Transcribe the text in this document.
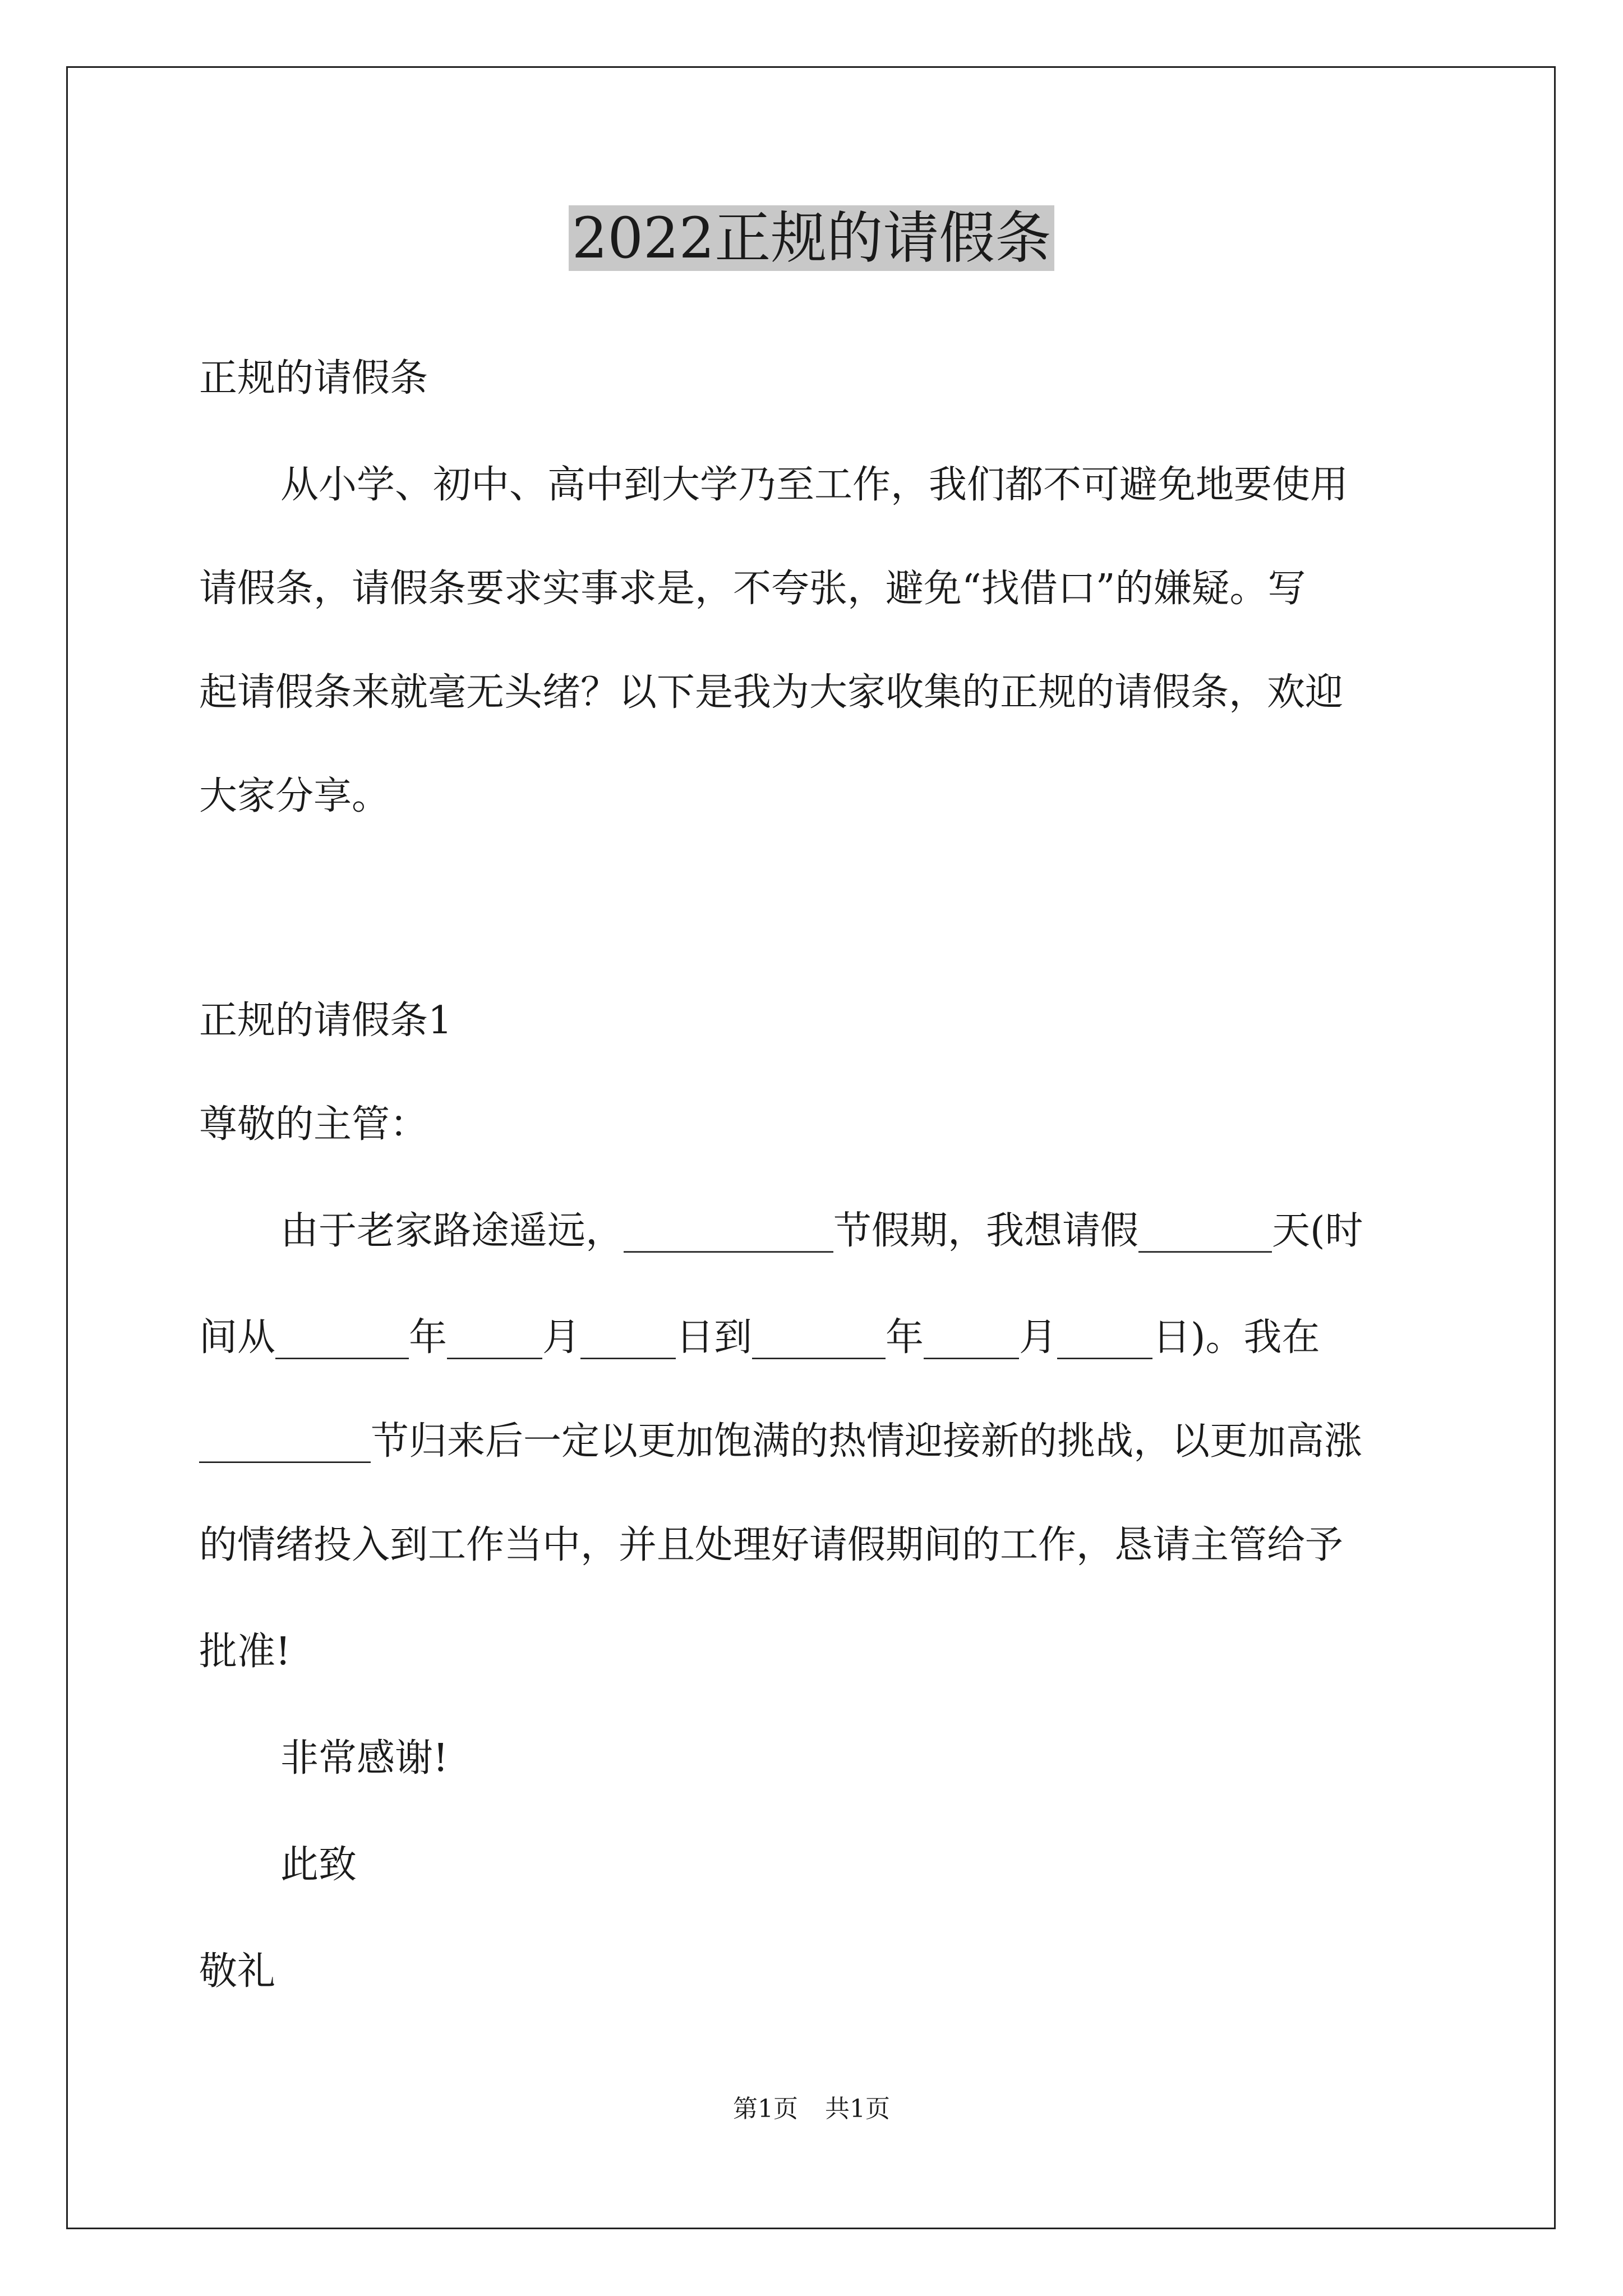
2022正规的请假条
正规的请假条
从小学、初中、高中到大学乃至工作，我们都不可避免地要使用
请假条，请假条要求实事求是，不夸张，避免“找借口”的嫌疑。写
起请假条来就毫无头绪？以下是我为大家收集的正规的请假条，欢迎
大家分享。
正规的请假条1
尊敬的主管：
由于老家路途遥远，___________节假期，我想请假_______天(时
间从_______年_____月_____日到_______年_____月_____日)。我在
_________节归来后一定以更加饱满的热情迎接新的挑战，以更加高涨
的情绪投入到工作当中，并且处理好请假期间的工作，恳请主管给予
批准!
非常感谢!
此致
敬礼
第1页 共1页
